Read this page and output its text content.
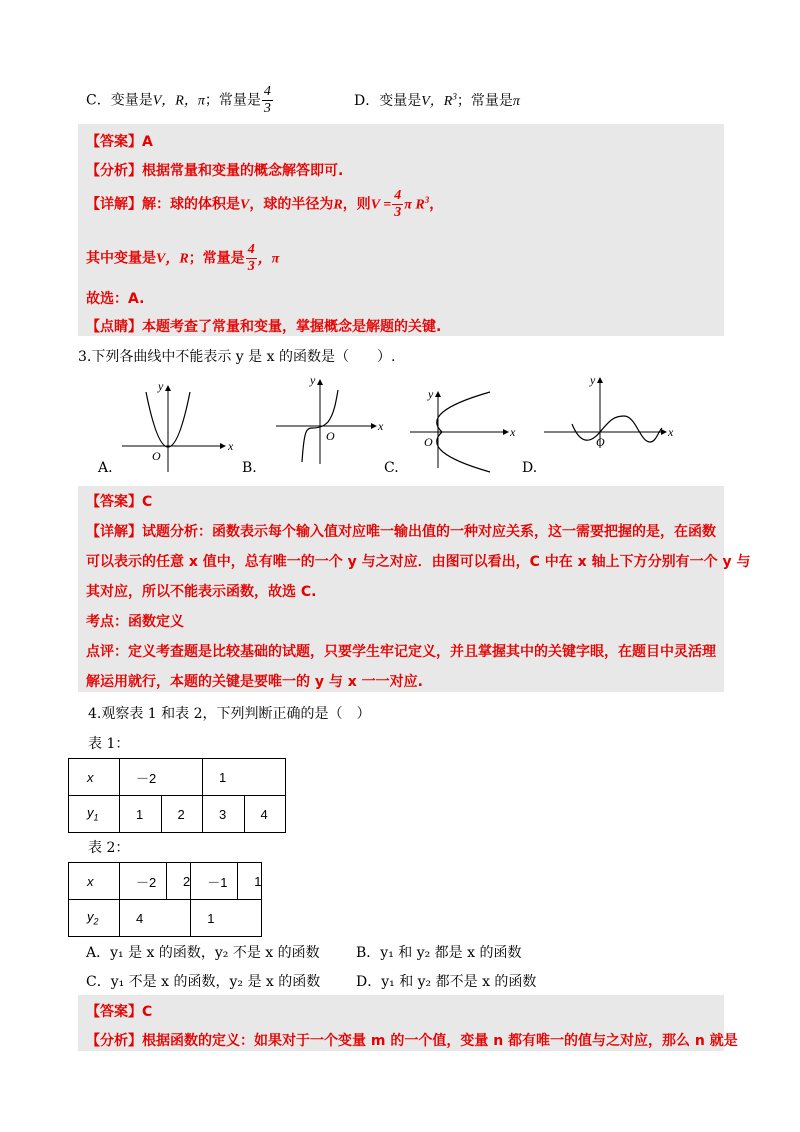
C．变量是V，R，π；常量是 $\frac{4}{3}$	D．变量是V，$R^3$；常量是π
【答案】A
【分析】根据常量和变量的概念解答即可.
【详解】解：球的体积是V，球的半径为R，则$V = \frac{4}{3}$ π $R^3$，
其中变量是V，R；常量是 $\frac{4}{3}$ ，π
故选：A.
【点睛】本题考查了常量和变量，掌握概念是解题的关键.
3.下列各曲线中不能表示 y 是 x 的函数是（　　）.
x
y
O
x
y
O	x
y
O
x
y
O
A.	B.	C.	D.
【答案】C
【详解】试题分析：函数表示每个输入值对应唯一输出值的一种对应关系，这一需要把握的是，在函数
可以表示的任意 x 值中，总有唯一的一个 y 与之对应．由图可以看出，C 中在 x 轴上下方分别有一个 y 与
其对应，所以不能表示函数，故选 C.
考点：函数定义
点评：定义考查题是比较基础的试题，只要学生牢记定义，并且掌握其中的关键字眼，在题目中灵活理
解运用就行，本题的关键是要唯一的 y 与 x 一一对应.
4.观察表 1 和表 2，下列判断正确的是（　）
表 1：
x	－2		1	
$y_1$	1	2	3	4
表 2：
x	－2	2	－1	1
$y_2$	4		1	
A．y₁ 是 x 的函数，y₂ 不是 x 的函数	B．y₁ 和 y₂ 都是 x 的函数
C．y₁ 不是 x 的函数，y₂ 是 x 的函数	D．y₁ 和 y₂ 都不是 x 的函数
【答案】C
【分析】根据函数的定义：如果对于一个变量 m 的一个值，变量 n 都有唯一的值与之对应，那么 n 就是
